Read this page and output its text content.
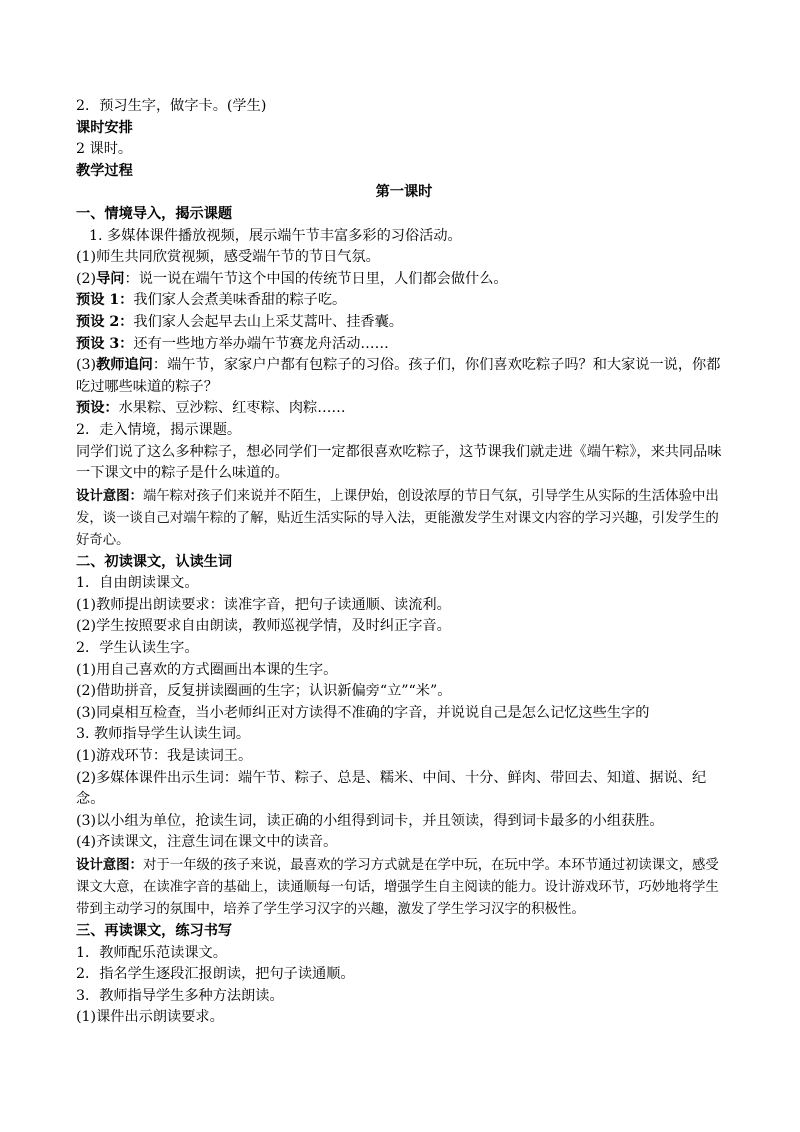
2．预习生字，做字卡。(学生)
课时安排
2 课时。
教学过程
第一课时
一、情境导入，揭示课题
1. 多媒体课件播放视频，展示端午节丰富多彩的习俗活动。
(1)师生共同欣赏视频，感受端午节的节日气氛。
(2)导问：说一说在端午节这个中国的传统节日里，人们都会做什么。
预设 1：我们家人会煮美味香甜的粽子吃。
预设 2：我们家人会起早去山上采艾蒿叶、挂香囊。
预设 3：还有一些地方举办端午节赛龙舟活动……
(3)教师追问：端午节，家家户户都有包粽子的习俗。孩子们，你们喜欢吃粽子吗？和大家说一说，你都吃过哪些味道的粽子？
预设：水果粽、豆沙粽、红枣粽、肉粽……
2．走入情境，揭示课题。
同学们说了这么多种粽子，想必同学们一定都很喜欢吃粽子，这节课我们就走进《端午粽》，来共同品味一下课文中的粽子是什么味道的。
设计意图：端午粽对孩子们来说并不陌生，上课伊始，创设浓厚的节日气氛，引导学生从实际的生活体验中出发，谈一谈自己对端午粽的了解，贴近生活实际的导入法，更能激发学生对课文内容的学习兴趣，引发学生的好奇心。
二、初读课文，认读生词
1．自由朗读课文。
(1)教师提出朗读要求：读准字音，把句子读通顺、读流利。
(2)学生按照要求自由朗读，教师巡视学情，及时纠正字音。
2．学生认读生字。
(1)用自己喜欢的方式圈画出本课的生字。
(2)借助拼音，反复拼读圈画的生字；认识新偏旁“立”“米”。
(3)同桌相互检查，当小老师纠正对方读得不准确的字音，并说说自己是怎么记忆这些生字的
3. 教师指导学生认读生词。
(1)游戏环节：我是读词王。
(2)多媒体课件出示生词：端午节、粽子、总是、糯米、中间、十分、鲜肉、带回去、知道、据说、纪念。
(3)以小组为单位，抢读生词，读正确的小组得到词卡，并且领读，得到词卡最多的小组获胜。
(4)齐读课文，注意生词在课文中的读音。
设计意图：对于一年级的孩子来说，最喜欢的学习方式就是在学中玩，在玩中学。本环节通过初读课文，感受课文大意，在读准字音的基础上，读通顺每一句话，增强学生自主阅读的能力。设计游戏环节，巧妙地将学生带到主动学习的氛围中，培养了学生学习汉字的兴趣，激发了学生学习汉字的积极性。
三、再读课文，练习书写
1．教师配乐范读课文。
2．指名学生逐段汇报朗读，把句子读通顺。
3．教师指导学生多种方法朗读。
(1)课件出示朗读要求。
